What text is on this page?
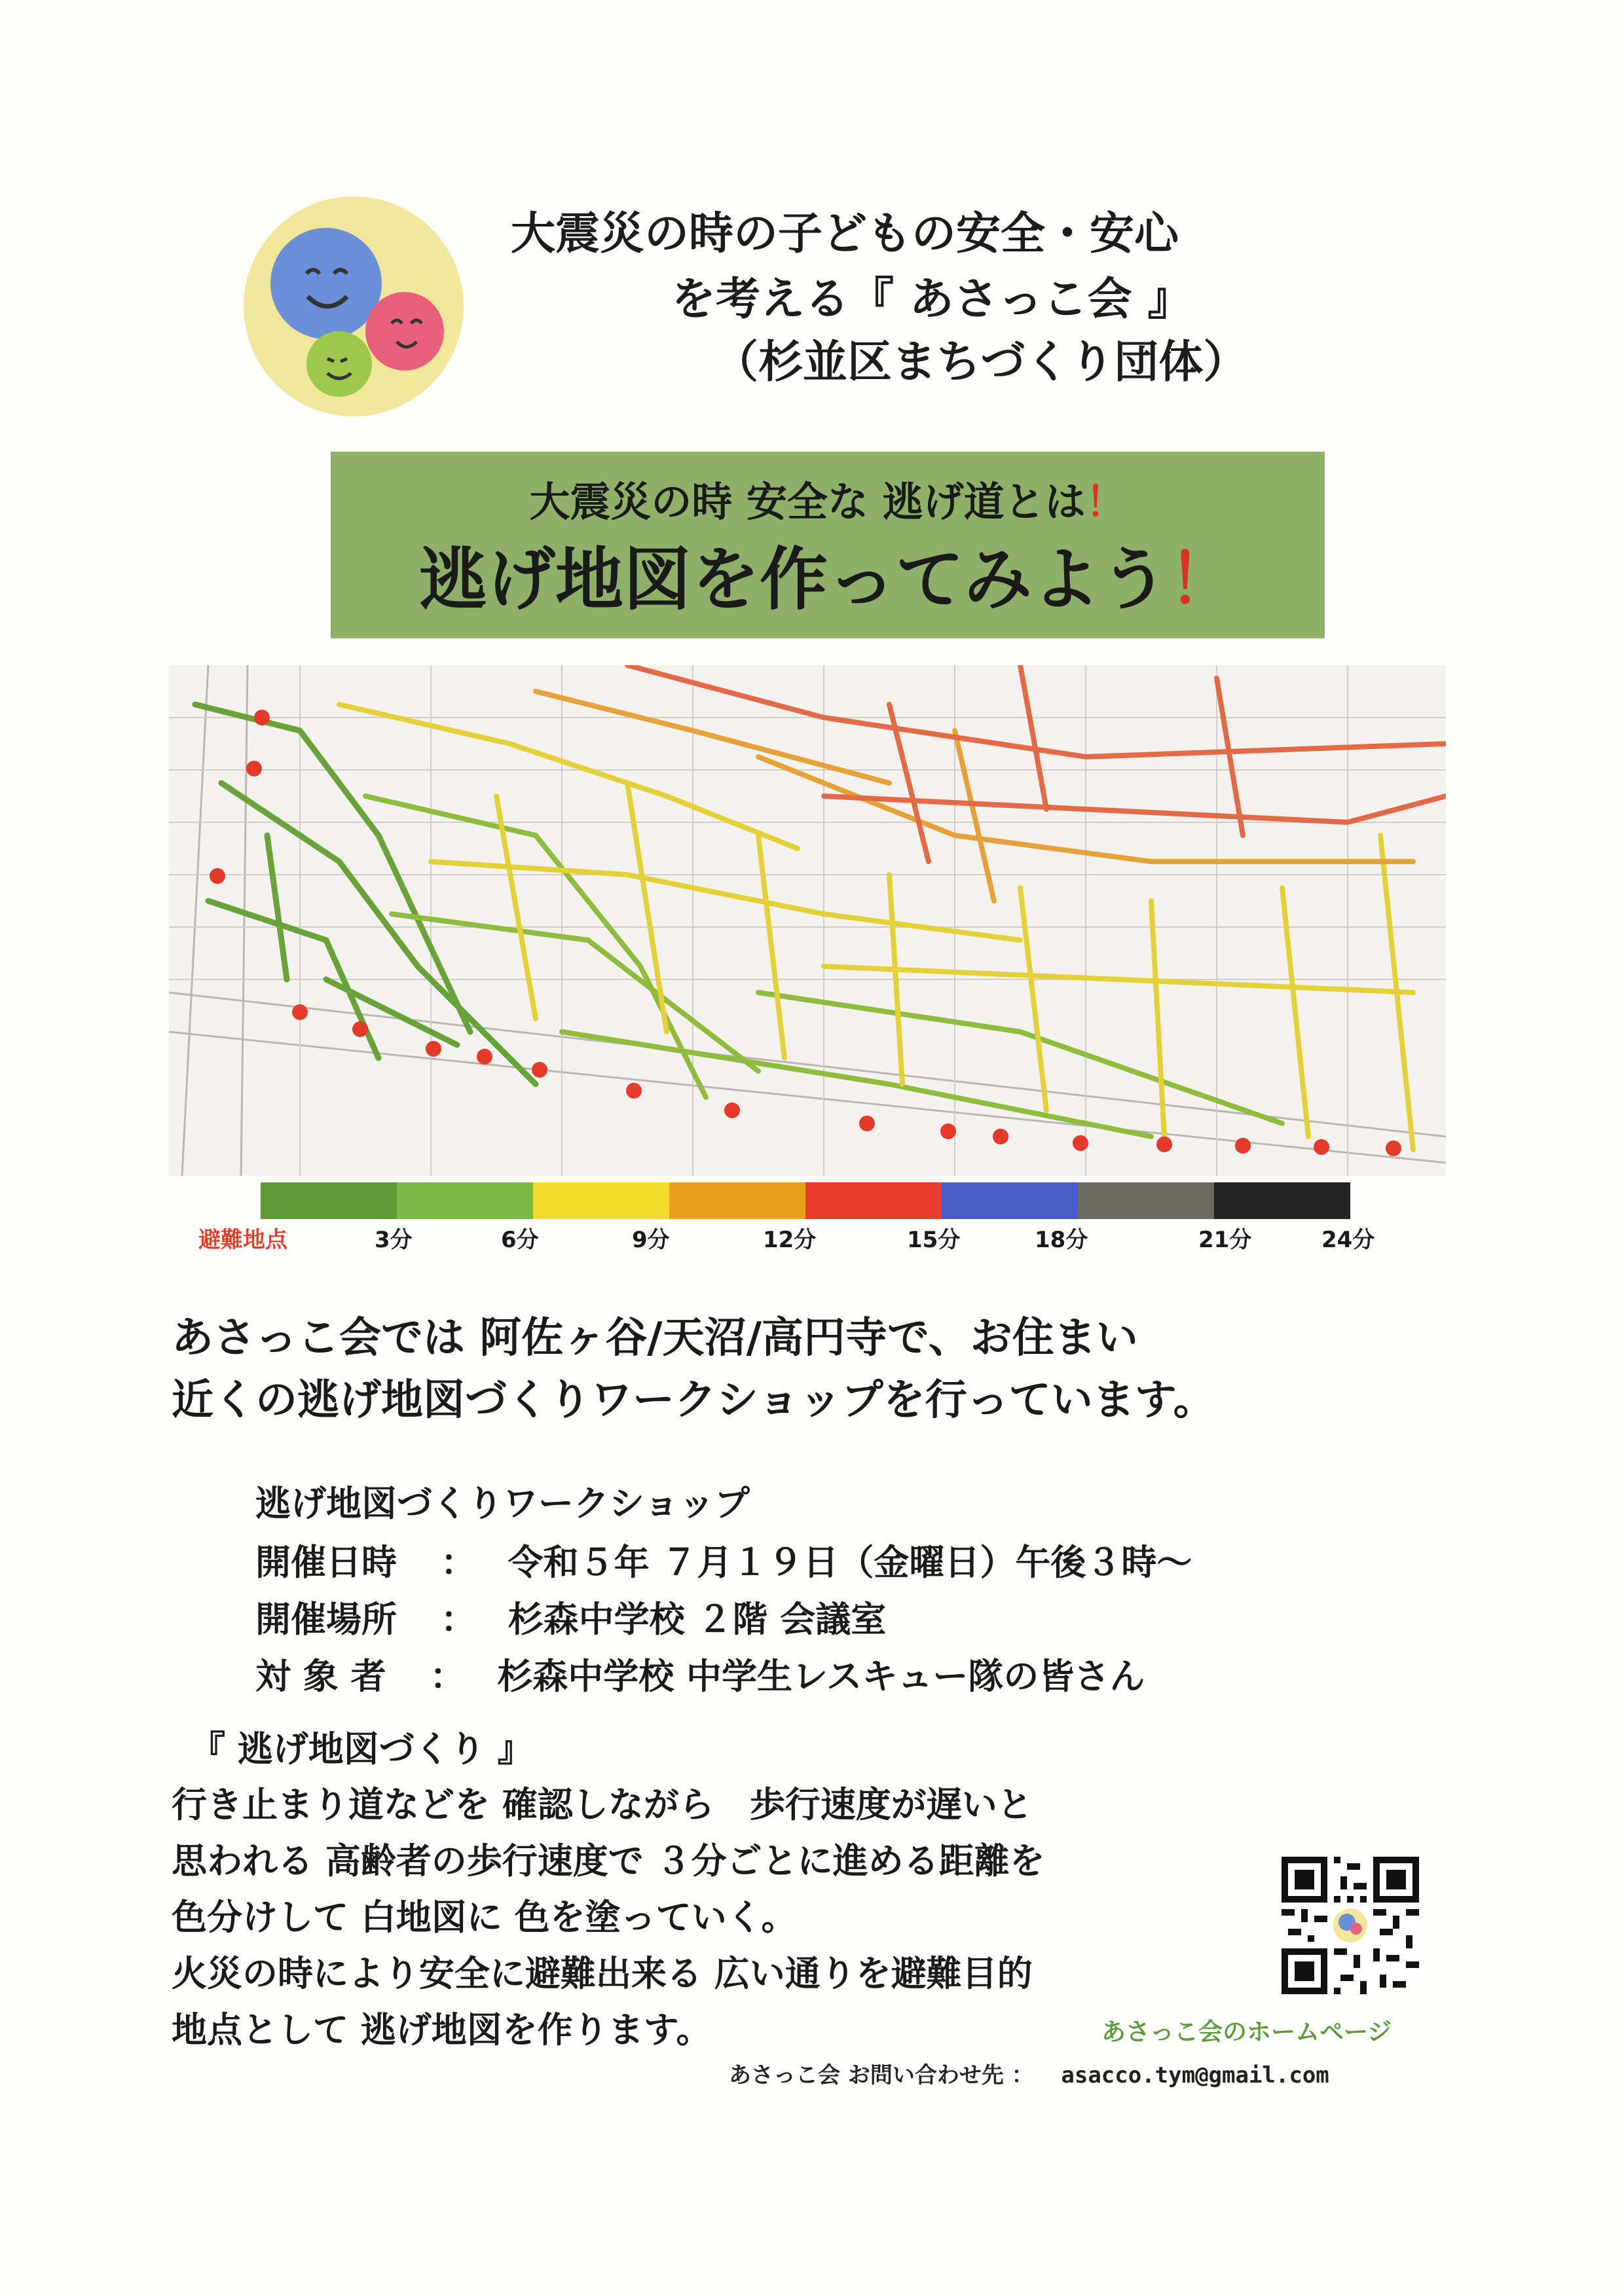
大震災の時の子どもの安全・安心
を考える『 あさっこ会 』
（杉並区まちづくり団体）
大震災の時 安全な 逃げ道とは！
逃げ地図を作ってみよう！
避難地点	3分	6分	9分	12分	15分	18分	21分	24分
あさっこ会では 阿佐ヶ谷/天沼/高円寺で、お住まい
近くの逃げ地図づくりワークショップを行っています。
逃げ地図づくりワークショップ
開催日時 ： 令和５年 ７月１９日（金曜日）午後３時～
開催場所 ： 杉森中学校 ２階 会議室
対 象 者 ： 杉森中学校 中学生レスキュー隊の皆さん
『 逃げ地図づくり 』
行き止まり道などを 確認しながら　歩行速度が遅いと
思われる 高齢者の歩行速度で ３分ごとに進める距離を
色分けして 白地図に 色を塗っていく。
火災の時により安全に避難出来る 広い通りを避難目的
地点として 逃げ地図を作ります。	あさっこ会のホームページ
あさっこ会 お問い合わせ先 ： asacco.tym@gmail.com
